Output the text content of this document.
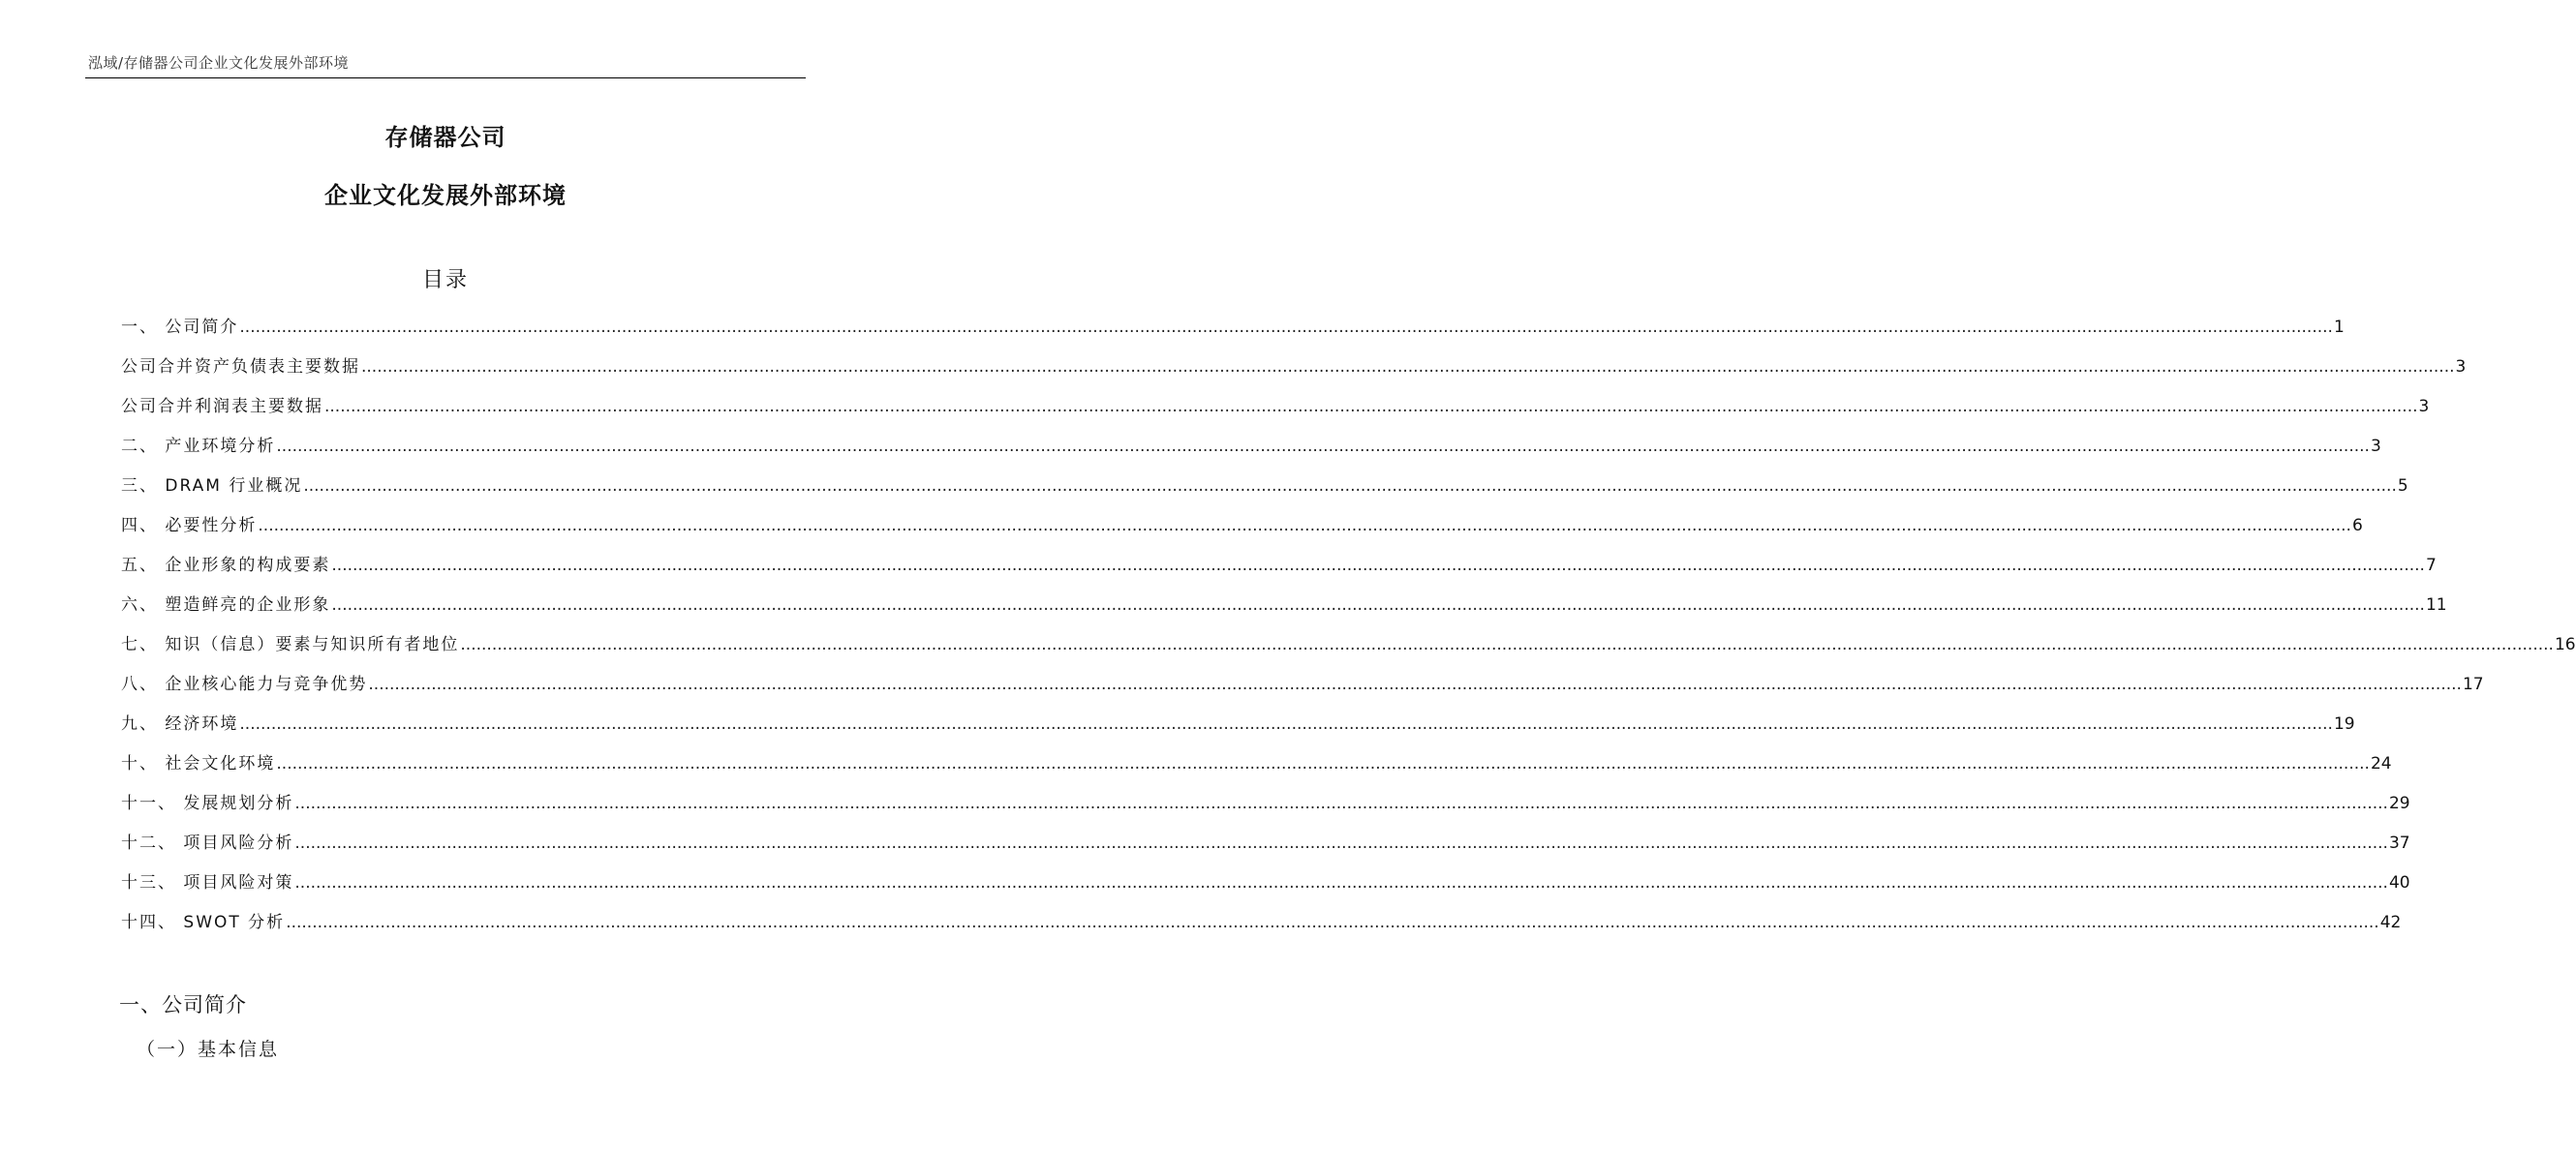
泓域/存储器公司企业文化发展外部环境
存储器公司
企业文化发展外部环境
目录
一、 公司简介 ................................................................................................................................................................................................................................................................................................................................................................................................................ 1
公司合并资产负债表主要数据 ................................................................................................................................................................................................................................................................................................................................................................................................................ 3
公司合并利润表主要数据 ................................................................................................................................................................................................................................................................................................................................................................................................................ 3
二、 产业环境分析 ................................................................................................................................................................................................................................................................................................................................................................................................................ 3
三、 DRAM 行业概况 ................................................................................................................................................................................................................................................................................................................................................................................................................ 5
四、 必要性分析 ................................................................................................................................................................................................................................................................................................................................................................................................................ 6
五、 企业形象的构成要素 ................................................................................................................................................................................................................................................................................................................................................................................................................ 7
六、 塑造鲜亮的企业形象 ................................................................................................................................................................................................................................................................................................................................................................................................................ 11
七、 知识（信息）要素与知识所有者地位 ................................................................................................................................................................................................................................................................................................................................................................................................................ 16
八、 企业核心能力与竞争优势 ................................................................................................................................................................................................................................................................................................................................................................................................................ 17
九、 经济环境 ................................................................................................................................................................................................................................................................................................................................................................................................................ 19
十、 社会文化环境 ................................................................................................................................................................................................................................................................................................................................................................................................................ 24
十一、 发展规划分析 ................................................................................................................................................................................................................................................................................................................................................................................................................ 29
十二、 项目风险分析 ................................................................................................................................................................................................................................................................................................................................................................................................................ 37
十三、 项目风险对策 ................................................................................................................................................................................................................................................................................................................................................................................................................ 40
十四、 SWOT 分析 ................................................................................................................................................................................................................................................................................................................................................................................................................ 42
一、公司简介
（一）基本信息
